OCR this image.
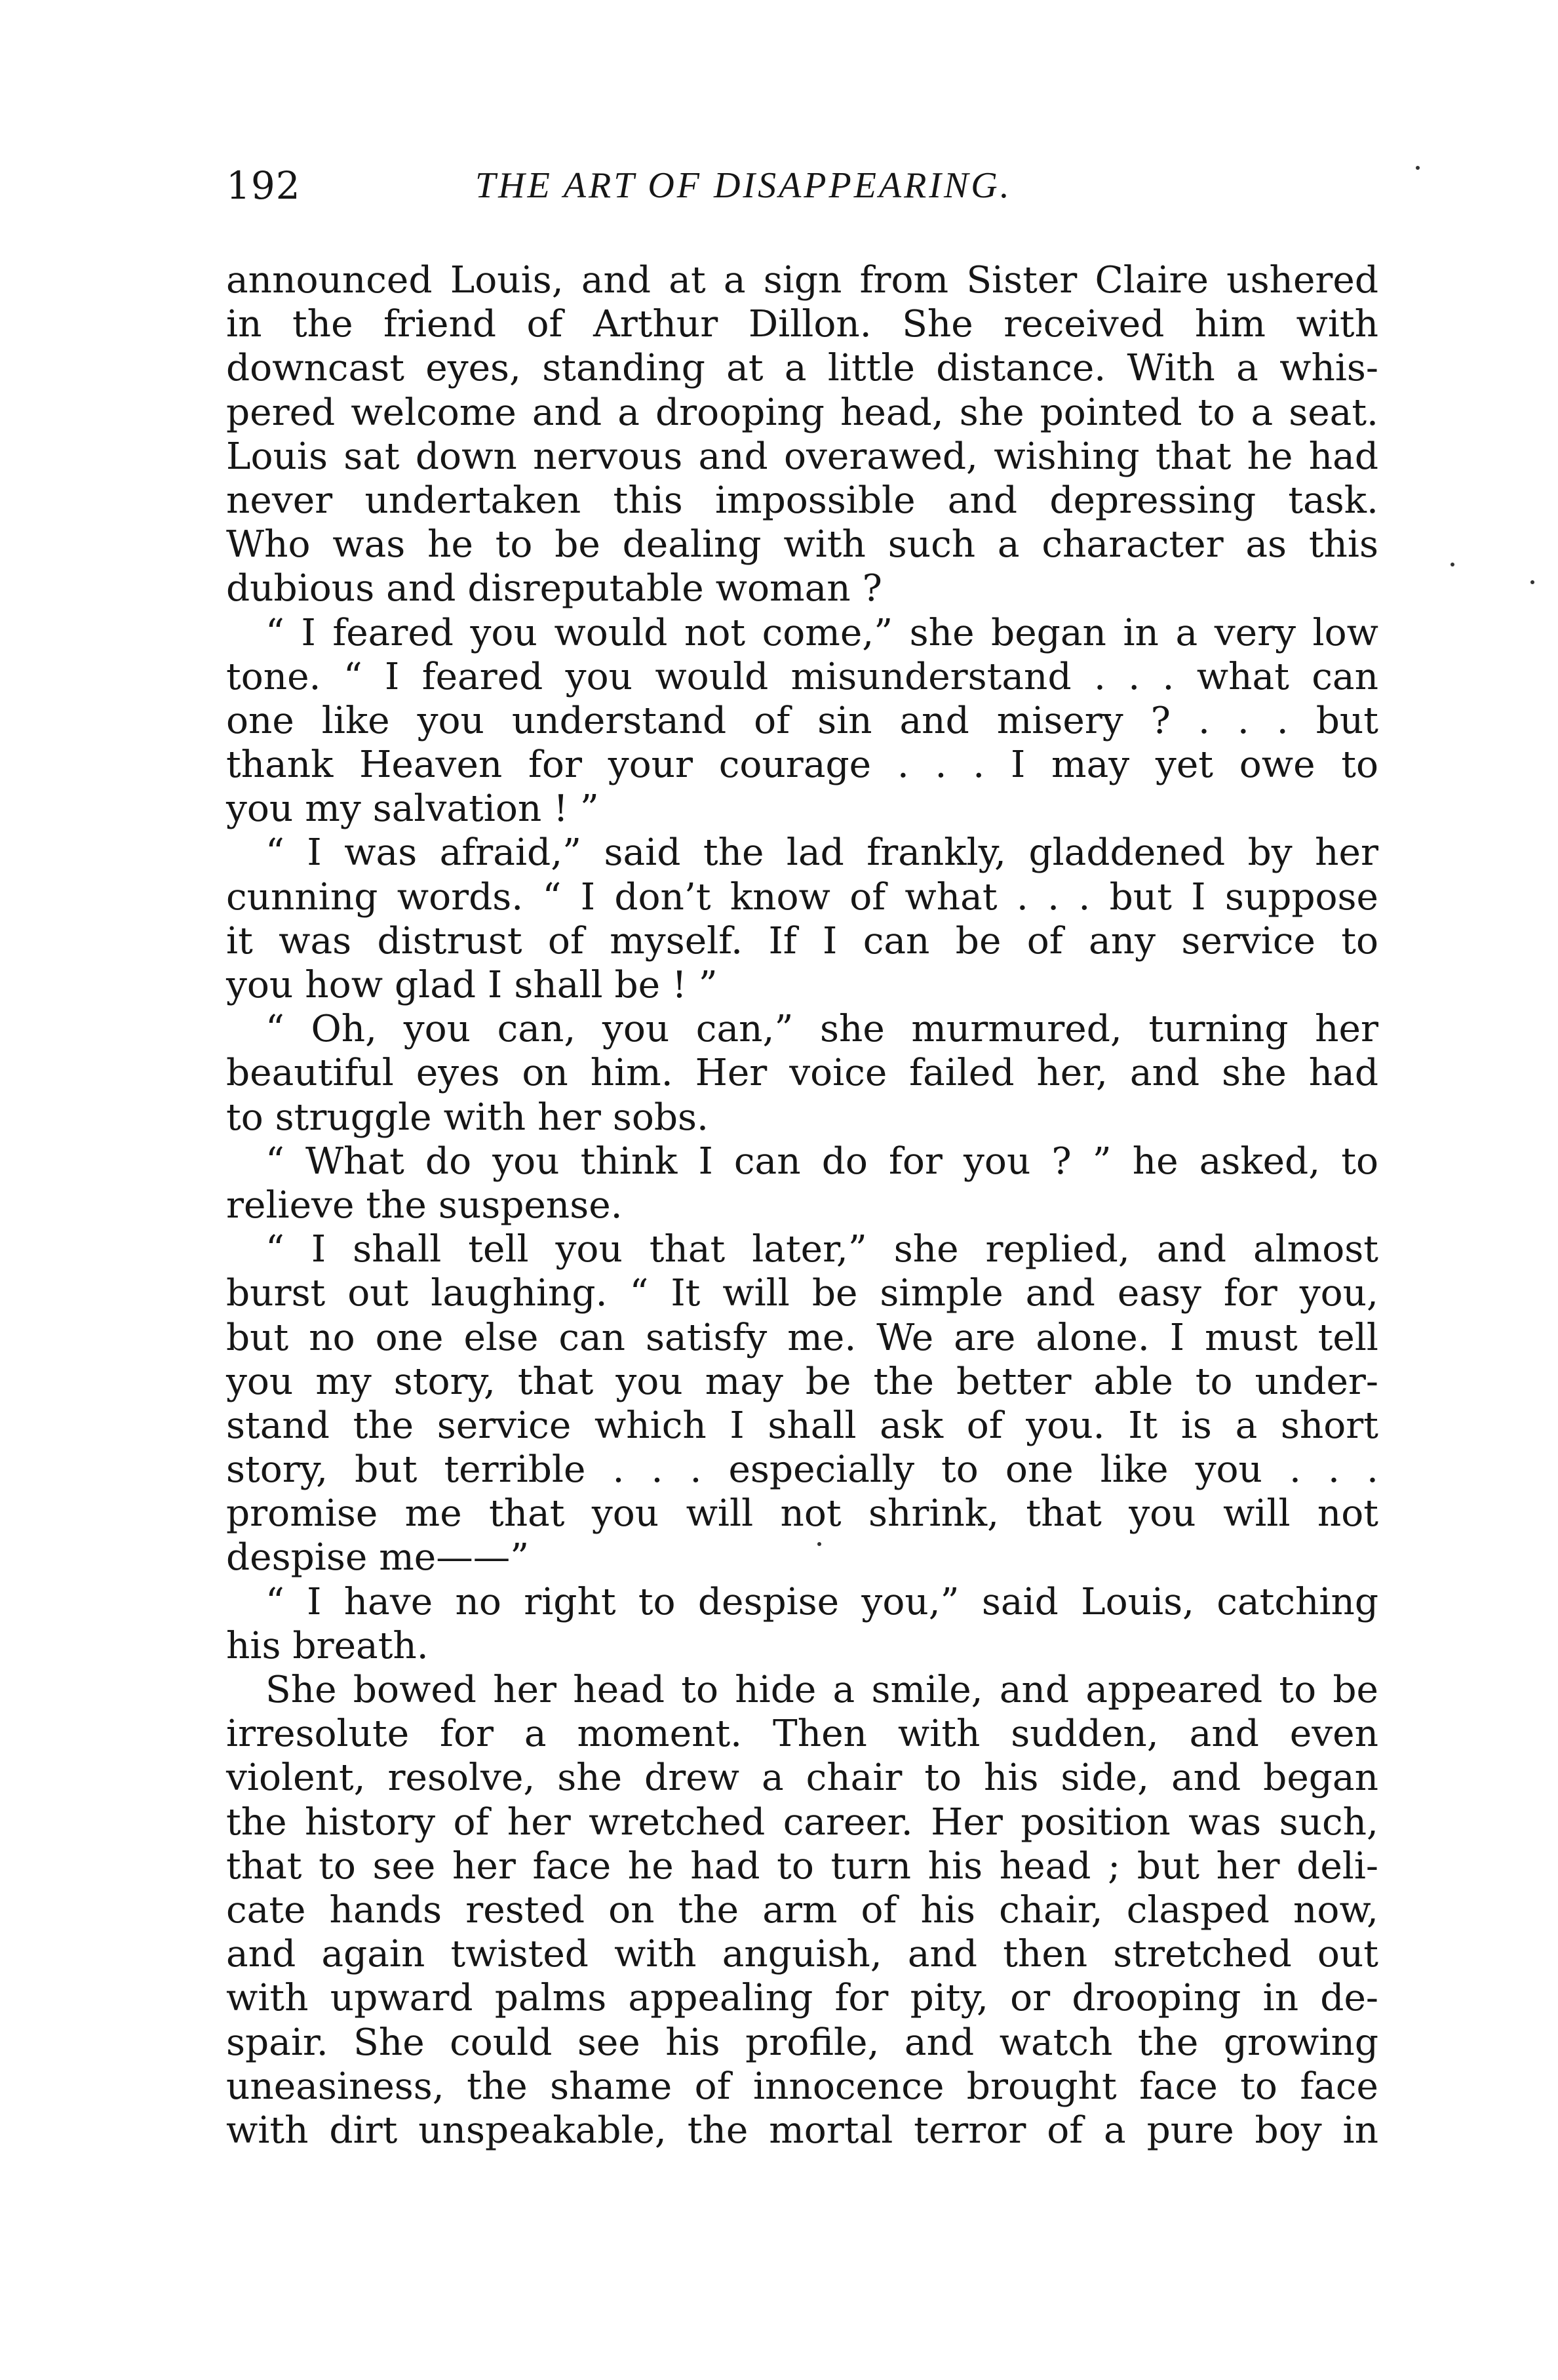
192	THE ART OF DISAPPEARING.
announced Louis, and at a sign from Sister Claire ushered
in the friend of Arthur Dillon. She received him with
downcast eyes, standing at a little distance. With a whis-
pered welcome and a drooping head, she pointed to a seat.
Louis sat down nervous and overawed, wishing that he had
never undertaken this impossible and depressing task.
Who was he to be dealing with such a character as this
dubious and disreputable woman ?
“ I feared you would not come,” she began in a very low
tone. “ I feared you would misunderstand . . . what can
one like you understand of sin and misery ? . . . but
thank Heaven for your courage . . . I may yet owe to
you my salvation ! ”
“ I was afraid,” said the lad frankly, gladdened by her
cunning words. “ I don’t know of what . . . but I suppose
it was distrust of myself. If I can be of any service to
you how glad I shall be ! ”
“ Oh, you can, you can,” she murmured, turning her
beautiful eyes on him. Her voice failed her, and she had
to struggle with her sobs.
“ What do you think I can do for you ? ” he asked, to
relieve the suspense.
“ I shall tell you that later,” she replied, and almost
burst out laughing. “ It will be simple and easy for you,
but no one else can satisfy me. We are alone. I must tell
you my story, that you may be the better able to under-
stand the service which I shall ask of you. It is a short
story, but terrible . . . especially to one like you . . .
promise me that you will not shrink, that you will not
despise me——”
“ I have no right to despise you,” said Louis, catching
his breath.
She bowed her head to hide a smile, and appeared to be
irresolute for a moment. Then with sudden, and even
violent, resolve, she drew a chair to his side, and began
the history of her wretched career. Her position was such,
that to see her face he had to turn his head ; but her deli-
cate hands rested on the arm of his chair, clasped now,
and again twisted with anguish, and then stretched out
with upward palms appealing for pity, or drooping in de-
spair. She could see his profile, and watch the growing
uneasiness, the shame of innocence brought face to face
with dirt unspeakable, the mortal terror of a pure boy in
